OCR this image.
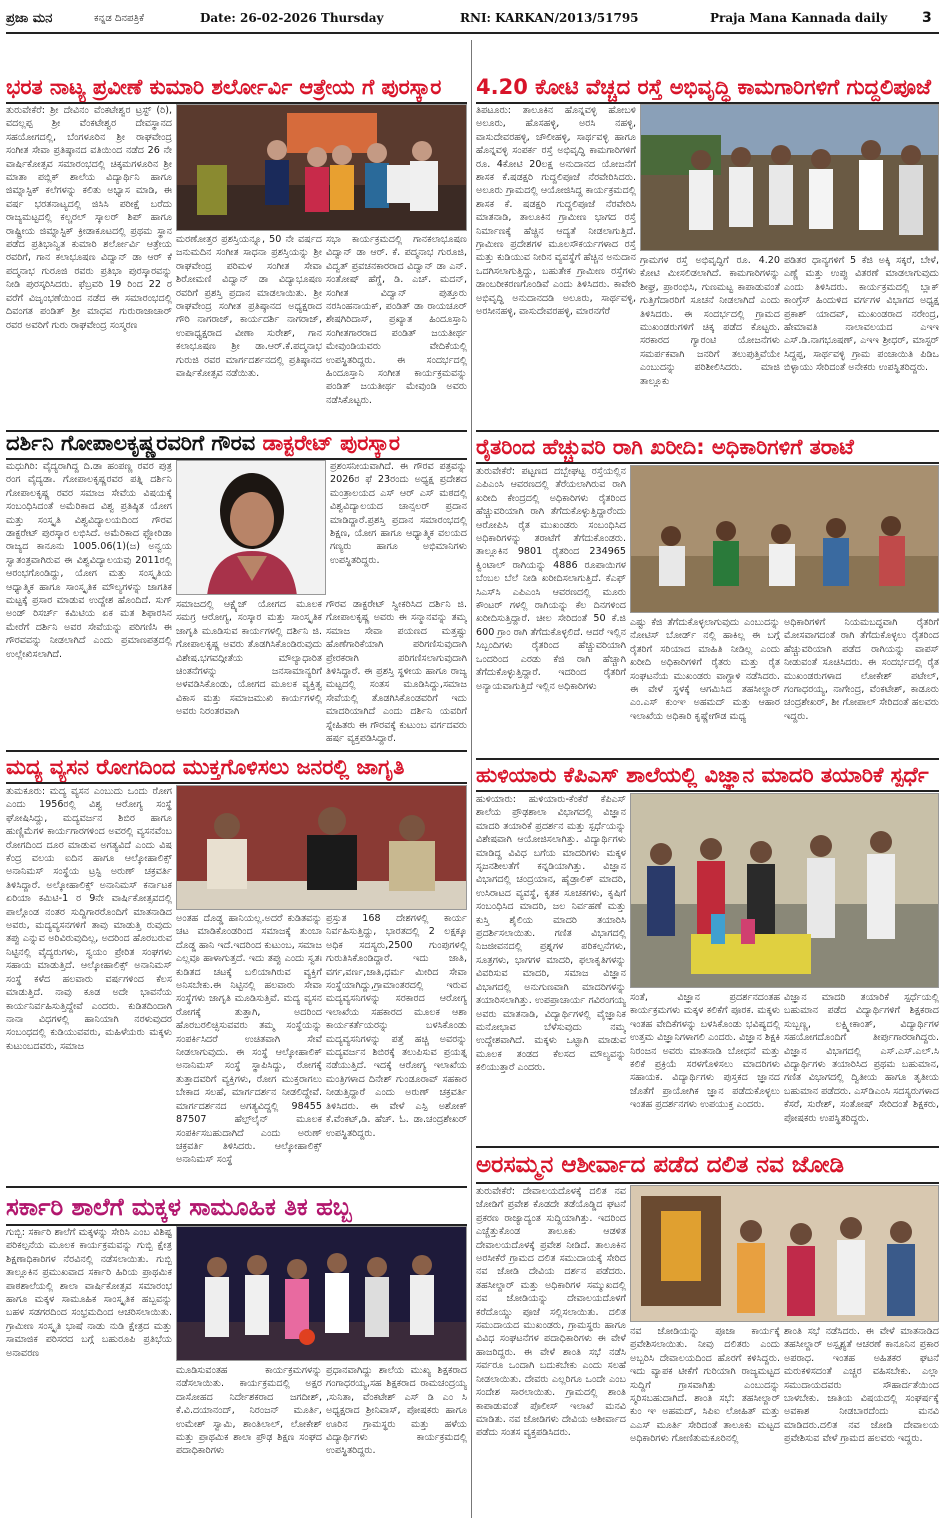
ಪ್ರಜಾ ಮನ	ಕನ್ನಡ ದಿನಪತ್ರಿಕೆ	Date: 26-02-2026 Thursday	RNI: KARKAN/2013/51795	Praja Mana Kannada daily	3
ಭರತ ನಾಟ್ಯ ಪ್ರವೀಣೆ ಕುಮಾರಿ ಶರ್ಲೋರ್ವಿ ಆತ್ರೇಯ ಗೆ ಪುರಸ್ಕಾರ
ತುರುವೇಕೆರೆ: ಶ್ರೀ ದೇವಿನಂ ವೆಂಕಟೇಶ್ವರ ಟ್ರಸ್ಟ್ (ರಿ), ವದಲ್ಲಪ್ಪ ಶ್ರೀ ವೆಂಕಟೇಶ್ವರ ದೇವಸ್ಥಾನದ ಸಹಯೋಗದಲ್ಲಿ, ಬೆಂಗಳೂರಿನ ಶ್ರೀ ರಾಘವೇಂದ್ರ ಸಂಗೀತ ಸೇವಾ ಪ್ರತಿಷ್ಠಾನದ ವತಿಯಿಂದ ನಡೆದ 26 ನೇ ವಾರ್ಷಿಕೋತ್ಸವ ಸಮಾರಂಭದಲ್ಲಿ ಚಿಕ್ಕಮಗಳೂರಿನ ಶ್ರೀ ಮಾತಾ ಪಬ್ಲಿಕ್ ಶಾಲೆಯ ವಿದ್ಯಾರ್ಥಿನಿ ಹಾಗೂ ಜಿಮ್ನಾಸ್ಟಿಕ್ ಕಲೆಗಳನ್ನು ಕಲಿತು ಅಭ್ಯಾಸ ಮಾಡಿ, ಈ ವರ್ಷ ಭರತನಾಟ್ಯದಲ್ಲಿ ಜಿಸಿಸಿ ಪರೀಕ್ಷೆ ಬರೆದು ರಾಜ್ಯಮಟ್ಟದಲ್ಲಿ ಕಲ್ಚರಲ್ ಸ್ಕಾಲರ್ ಶಿಪ್ ಹಾಗೂ ರಾಷ್ಟ್ರೀಯ ಜಿಮ್ನಾಸ್ಟಿಕ್ ಕ್ರೀಡಾಕೂಟದಲ್ಲಿ ಪ್ರಥಮ ಸ್ಥಾನ ಪಡೆದ ಪ್ರತಿಭಾನ್ವಿತ ಕುಮಾರಿ ಶರ್ಲೋರ್ವಿ ಆತ್ರೇಯ ರವರಿಗೆ, ಗಾನ ಕಲಾಭೂಷಣ ವಿದ್ವಾನ್ ಡಾ ಆರ್ ಕೆ ಪದ್ಮನಾಭ ಗುರೂಜಿ ರವರು ಪ್ರತಿಭಾ ಪುರಸ್ಕಾರವನ್ನು ನೀಡಿ ಪುರಸ್ಕರಿಸಿದರು. ಫೆಬ್ರವರಿ 19 ರಿಂದ 22 ರ ವರೆಗೆ ವಿಜೃಂಭಣೆಯಿಂದ ನಡೆದ ಈ ಸಮಾರಂಭದಲ್ಲಿ ದಿವಂಗತ ಪಂಡಿತ್ ಶ್ರೀ ಮಾಧವ ಗುರುರಾಜಾಚಾರ್ ರವರ ಅವರಿಗೆ ಗುರು ರಾಘವೇಂದ್ರ ಸಂಸ್ಮರಣ
ಮರಣೋತ್ತರ ಪ್ರಶಸ್ತಿಯನ್ನೂ, 50 ನೇ ವರ್ಷದ ಜನುಮದಿನ ಸಂಗೀತ ಸಾಧನಾ ಪ್ರಶಸ್ತಿಯನ್ನು ಶ್ರೀ ರಾಘವೇಂದ್ರ ಪರಿಮಳ ಸಂಗೀತ ಸೇವಾ ಶಿರೋಮಣಿ ವಿದ್ವಾನ್ ಡಾ ವಿದ್ಯಾಭೂಷಣ ರವರಿಗೆ ಪ್ರಶಸ್ತಿ ಪ್ರದಾನ ಮಾಡಲಾಯಿತು. ಶ್ರೀ ರಾಘವೇಂದ್ರ ಸಂಗೀತ ಪ್ರತಿಷ್ಠಾನದ ಅಧ್ಯಕ್ಷರಾದ ಗೌರಿ ನಾಗರಾಜ್, ಕಾರ್ಯದರ್ಶಿ ನಾಗರಾಜ್, ಉಪಾಧ್ಯಕ್ಷರಾದ ವೀಣಾ ಸುರೇಶ್, ಗಾನ ಕಲಾಭೂಷಣ ಶ್ರೀ ಡಾ.ಆರ್.ಕೆ.ಪದ್ಮನಾಭ ಗುರುಜಿ ರವರ ಮಾರ್ಗದರ್ಶನದಲ್ಲಿ ಪ್ರತಿಷ್ಠಾನದ ವಾರ್ಷಿಕೋತ್ಸವ ನಡೆಯಿತು.
ಸಭಾ ಕಾರ್ಯಕ್ರಮದಲ್ಲಿ ಗಾನಕಲಾಭೂಷಣ ವಿದ್ವಾನ್ ಡಾ ಆರ್. ಕೆ. ಪದ್ಮನಾಭ ಗುರೂಜಿ, ವಿದ್ವತ್ ಪ್ರವಚನಕಾರರಾದ ವಿದ್ವಾನ್ ಡಾ ಎನ್. ಸಂತೋಷ್ ಹೆಗ್ಡೆ, ಡಿ. ಎಚ್. ಮದನ್, ಸಂಗೀತ ವಿದ್ವಾನ್ ಪುತ್ತೂರು ನರಸಿಂಹನಾಯಕ್, ಪಂಡಿತ್ ಡಾ ರಾಯಚೂರ್ ಶೇಷಗಿರಿದಾಸ್, ಪ್ರಖ್ಯಾತ ಹಿಂದೂಸ್ತಾನಿ ಸಂಗೀತಗಾರರಾದ ಪಂಡಿತ್ ಜಯತೀರ್ಥ ಮೇವುಂಡಿಯವರು ವೇದಿಕೆಯಲ್ಲಿ ಉಪಸ್ಥಿತರಿದ್ದರು. ಈ ಸಂದರ್ಭದಲ್ಲಿ ಹಿಂದೂಸ್ತಾನಿ ಸಂಗೀತ ಕಾರ್ಯಕ್ರಮವನ್ನು ಪಂಡಿತ್ ಜಯತೀರ್ಥ ಮೇವುಂಡಿ ಅವರು ನಡೆಸಿಕೊಟ್ಟರು.
ದರ್ಶಿನಿ ಗೋಪಾಲಕೃಷ್ಣರವರಿಗೆ ಗೌರವ ಡಾಕ್ಟರೇಟ್ ಪುರಸ್ಕಾರ
ಮಧುಗಿರಿ: ವೈದ್ಯರಾಗಿದ್ದ ದಿ.ಡಾ ಹಂಪಣ್ಣ ರವರ ಪುತ್ರ ರಂಗ ವೈದ್ಯಡಾ. ಗೋಪಾಲಕೃಷ್ಣರವರ ಪತ್ನಿ ದರ್ಶಿನಿ ಗೋಪಾಲಕೃಷ್ಣ ರವರ ಸಮಾಜ ಸೇವೆಯ ವಿಷಯಕ್ಕೆ ಸಂಬಂಧಿಸಿದಂತೆ ಅಮೆರಿಕಾದ ವಿಶ್ವ ಪ್ರತಿಷ್ಠಿತ ಯೋಗ ಮತ್ತು ಸಂಸ್ಕೃತಿ ವಿಶ್ವವಿದ್ಯಾಲಯದಿಂದ ಗೌರವ ಡಾಕ್ಟರೇಟ್ ಪುರಸ್ಕಾರ ಲಭಿಸಿದೆ. ಅಮೆರಿಕಾದ ಫ್ಲೋರಿಡಾ ರಾಜ್ಯದ ಕಾನೂನು 1005.06(1)(ಜ) ಅನ್ವಯ ಸ್ವಾತಂತ್ರವಾಗಿರುವ ಈ ವಿಶ್ವವಿದ್ಯಾಲಯವು 2011ರಲ್ಲಿ ಆರಂಭಗೊಂಡಿದ್ದು, ಯೋಗ ಮತ್ತು ಸಂಸ್ಕೃತಿಯ ಆಧ್ಯಾತ್ಮಿಕ ಹಾಗೂ ಸಾಂಸ್ಕೃತಿಕ ಮೌಲ್ಯಗಳನ್ನು ಜಾಗತಿಕ ಮಟ್ಟಕ್ಕೆ ಪ್ರಸಾರ ಮಾಡುವ ಉದ್ದೇಶ ಹೊಂದಿದೆ. ಸುಗ್ ಅಂಡ್ ರಿಸರ್ಚ್ ಕಮಿಟಿಯ ಏಕ ಮತ ಶಿಫಾರಸಿನ ಮೇರೆಗೆ ದರ್ಶಿನಿ ಅವರ ಸೇವೆಯನ್ನು ಪರಿಗಣಿಸಿ ಈ ಗೌರವವನ್ನು ನೀಡಲಾಗಿದೆ ಎಂದು ಪ್ರಮಾಣಪತ್ರದಲ್ಲಿ ಉಲ್ಲೇಖಿಸಲಾಗಿದೆ.
ಸಮಾಜದಲ್ಲಿ ಆಕ್ಷ್ಯೆಜ್ ಯೋಗದ ಮೂಲಕ ಸಮಗ್ರ ಆರೋಗ್ಯ, ಸಂಸ್ಕಾರ ಮತ್ತು ಸಾಂಸ್ಕೃತಿಕ ಜಾಗೃತಿ ಮೂಡಿಸುವ ಕಾರ್ಯಗಳಲ್ಲಿ ದರ್ಶಿನಿ ಜಿ. ಗೋಪಾಲಕೃಷ್ಣ ಅವರು ತೊಡಗಿಸಿಕೊಂಡಿರುವುದು ವಿಶೇಷ.ಭಗವದ್ಗೀತೆಯ ಮೌಲ್ಯಾಧಾರಿತ ಚಿಂತನೆಗಳನ್ನು ಜನಸಾಮಾನ್ಯರಿಗೆ ಅಳವಡಿಸಿಕೊಂಡು, ಯೋಗದ ಮೂಲಕ ವ್ಯಕ್ತಿತ್ವ ವಿಕಾಸ ಮತ್ತು ಸಮಾಜಮುಖಿ ಕಾರ್ಯಗಳಲ್ಲಿ ಅವರು ನಿರಂತರವಾಗಿ
ಪ್ರಶಂಸನೀಯವಾಗಿದೆ. ಈ ಗೌರವ ಪತ್ರವನ್ನು 2026ರ ಫೆ 23ರಂದು ಅಧ್ಯಕ್ಷ ಪ್ರದೇಶದ ಮಂತ್ರಾಲಯದ ಎಸ್ ಆರ್ ಎಸ್ ಮಠದಲ್ಲಿ ವಿಶ್ವವಿದ್ಯಾಲಯದ ಚಾನ್ಸಲರ್ ಪ್ರದಾನ ಮಾಡಿದ್ದಾರೆ.ಪ್ರಶಸ್ತಿ ಪ್ರದಾನ ಸಮಾರಂಭದಲ್ಲಿ ಶಿಕ್ಷಣ, ಯೋಗ ಹಾಗೂ ಆಧ್ಯಾತ್ಮಿಕ ವಲಯದ ಗಣ್ಯರು ಹಾಗೂ ಅಭಿಮಾನಿಗಳು ಉಪಸ್ಥಿತರಿದ್ದರು.
ಗೌರವ ಡಾಕ್ಟರೇಟ್ ಸ್ವೀಕರಿಸಿದ ದರ್ಶಿನಿ ಜಿ. ಗೋಪಾಲಕೃಷ್ಣ ಅವರು ಈ ಸನ್ಮಾನವನ್ನು ತಮ್ಮ ಸಮಾಜ ಸೇವಾ ಪಯಣದ ಮತ್ತಷ್ಟು ಹೊಣೆಗಾರಿಕೆಯಾಗಿ ಪರಿಗಣಿಸುವುದಾಗಿ ಪ್ರೇರಕರಾಗಿ ಪರಿಗಣಿಸಲಾಗುವುದಾಗಿ ತಿಳಿಸಿದ್ದಾರೆ. ಈ ಪ್ರಶಸ್ತಿ ಸ್ಥಳೀಯ ಹಾಗೂ ರಾಜ್ಯ ಮಟ್ಟದಲ್ಲಿ ಸಂತಸ ಮೂಡಿಸಿದ್ದು,ಸಮಾಜ ಸೇವೆಯಲ್ಲಿ ತೊಡಗಿಸಿಕೊಂಡವರಿಗೆ ಇದು ಮಾದರಿಯಾಗಿದೆ ಎಂದು ದರ್ಶಿನಿ ಯವರಿಗೆ ಸ್ನೇಹಿತರು ಈ ಗೌರವಕ್ಕೆ ಕುಟುಂಬ ವರ್ಗದವರು ಹರ್ಷ ವ್ಯಕ್ತಪಡಿಸಿದ್ದಾರೆ.
ಮದ್ಯ ವ್ಯಸನ ರೋಗದಿಂದ ಮುಕ್ತಗೊಳಿಸಲು ಜನರಲ್ಲಿ ಜಾಗೃತಿ
ತುಮಕೂರು: ಮದ್ಯ ವ್ಯಸನ ಎಂಬುದು ಒಂದು ರೋಗ ಎಂದು 1956ರಲ್ಲಿ ವಿಶ್ವ ಆರೋಗ್ಯ ಸಂಸ್ಥೆ ಘೋಷಿಸಿದ್ದು, ಮದ್ಯವರ್ಜನ ಶಿಬಿರ ಹಾಗೂ ಹುಣ್ಣಿಮೆಗಳ ಕಾರ್ಯಗಾರಗಳಿಂದ ಅವರಲ್ಲಿ ವ್ಯಸನವೆಂಬ ರೋಗದಿಂದ ದೂರ ಮಾಡುವ ಅಗತ್ಯವಿದೆ ಎಂದು ವಿಷ ಕೆಂದ್ರ ವಲಯ ಐದಿನ ಹಾಗೂ ಆಲ್ಕೋಹಾಲಿಕ್ಸ್ ಅನಾನಿಮಸ್ ಸಂಸ್ಥೆಯ ಟ್ರಸ್ಟಿ ಅರುಣ್ ಚಕ್ರವರ್ತಿ ತಿಳಿಸಿದ್ದಾರೆ. ಅಲ್ಕೋಹಾಲಿಕ್ಸ್ ಅನಾನಿಮಸ್ ಕರ್ನಾಟಕ ಏರಿಯಾ ಕಮಿಟಿ-1 ರ 9ನೇ ವಾರ್ಷಿಕೋತ್ಸವದಲ್ಲಿ ಪಾಲ್ಗೊಂಡ ನಂತರ ಸುದ್ದಿಗಾರರೊಂದಿಗೆ ಮಾತನಾಡಿದ ಅವರು, ಮದ್ಯವ್ಯಸನಗಳಿಗೆ ತಾವು ಮಾಡುತ್ತಿ ರುವುದು ತಪ್ಪು ಎನ್ನುವ ಅರಿವಿರುವುದಿಲ್ಲ, ಅದರಿಂದ ಹೊರಬರುವ ನಿಟ್ಟಿನಲ್ಲಿ ವೈದ್ಯರುಗಳು, ಸ್ವಯಂ ಪ್ರೇರಿತ ಸಂಘಗಳು ಸಹಾಯ ಮಾಡುತ್ತಿದೆ. ಆಲ್ಕೋಹಾಲಿಕ್ಸ್ ಅನಾನಿಮಸ್ ಸಂಸ್ಥೆ ಕಳೆದ ಹಲವಾರು ವರ್ಷಗಳಿಂದ ಕೆಲಸ ಮಾಡುತ್ತಿದೆ. ನಾವು ಕೂಡ ಅದೇ ಭಾವನೆಯ ಕಾರ್ಯನಿರ್ವಹಿಸುತ್ತಿದ್ದೇವೆ ಎಂದರು. ಕುಡಿತದಿಂದಾಗಿ ನಾನಾ ವಿಧಗಳಲ್ಲಿ ಹಾನಿಯಾಗಿ ನರಳುವುದರ ಸಂಬಂಧದಲ್ಲಿ ಕುಡಿಯುವವರು, ಮಹಿಳೆಯರು ಮಕ್ಕಳು ಕುಟುಂಬದವರು, ಸಮಾಜ
ಅಂತಹ ದೊಡ್ಡ ಹಾನಿಯಲ್ಲ.ಅದರೆ ಕುಡಿತವನ್ನು ಚಟ ಮಾಡಿಕೊಂಡರಿಂದ ಸಮಾಜಕ್ಕೆ ತುಂಬಾ ದೊಡ್ಡ ಹಾನಿ ಇದೆ.ಇದರಿಂದ ಕುಟುಂಬ, ಸಮಾಜ ಎಲ್ಲವೂ ಹಾಳಾಗುತ್ತದೆ. ಇದು ತಪ್ಪು ಎಂದು ಸ್ವತಃ ಕುಡಿತದ ಚಟಕ್ಕೆ ಬಲಿಯಾಗಿರುವ ವ್ಯಕ್ತಿಗೆ ಅನಿಸಬೇಕು.ಈ ನಿಟ್ಟಿನಲ್ಲಿ ಹಲವಾರು ಸೇವಾ ಸಂಸ್ಥೆಗಳು ಜಾಗೃತಿ ಮೂಡಿಸುತ್ತಿವೆ. ಮದ್ಯ ವ್ಯಸನ ರೋಗಕ್ಕೆ ತುತ್ತಾಗಿ, ಅದರಿಂದ ಹೊರಬರಲಿಚ್ಛಿಸುವವರು ತಮ್ಮ ಸಂಸ್ಥೆಯನ್ನು ಸಂಪರ್ಕಿಸಿದರೆ ಉಚಿತವಾಗಿ ಸೇವೆ ನೀಡಲಾಗುವುದು. ಈ ಸಂಸ್ಥೆ ಆಲ್ಕೋಹಾಲಿಕ್ ಅನಾನಿಮಸ್ ಸಂಸ್ಥೆ ಸ್ಥಾಪಿಸಿದ್ದು, ರೋಗಕ್ಕೆ ತುತ್ತಾದವರಿಗೆ ವ್ಯಕ್ತಿಗಳು, ರೋಗ ಮುಕ್ತರಾಗಲು ಬೇಕಾದ ಸಲಹೆ, ಮಾರ್ಗದರ್ಶನ ನೀಡಲಿದ್ದೇವೆ. ಮಾರ್ಗದರ್ಶನದ ಅಗತ್ಯವಿದ್ದಲ್ಲಿ 98455 87507 ಹೆಲ್ಪ್‌ಲೈನ್ ಮೂಲಕ ಸಂಪರ್ಕಿಸಬಹುದಾಗಿದೆ ಎಂದು ಅರುಣ್ ಚಕ್ರವರ್ತಿ ತಿಳಿಸಿದರು. ಆಲ್ಕೋಹಾಲಿಕ್ಸ್ ಅನಾನಿಮಸ್ ಸಂಸ್ಥೆ
ಪ್ರಸ್ತುತ 168 ದೇಶಗಳಲ್ಲಿ ಕಾರ್ಯ ನಿರ್ವಹಿಸುತ್ತಿದ್ದು, ಭಾರತದಲ್ಲಿ 2 ಲಕ್ಷಕ್ಕೂ ಅಧಿಕ ಸದಸ್ಯರು,2500 ಗುಂಪುಗಳಲ್ಲಿ ಗುರುತಿಸಿಕೊಂಡಿದ್ದಾರೆ. ಇದು ಜಾತಿ, ವರ್ಗ,ವರ್ಣ,ಜಾತಿ,ಧರ್ಮ ಮೀರಿದ ಸೇವಾ ಸಂಸ್ಥೆಯಾಗಿದ್ದು,ಗ್ರಾಮಾಂತರದಲ್ಲಿ ಇರುವ ಮದ್ಯವ್ಯಸನಿಗಳನ್ನು ಸರಕಾರದ ಆರೋಗ್ಯ ಇಲಾಖೆಯ ಸಹಕಾರದ ಮೂಲಕ ಆಶಾ ಕಾರ್ಯಕರ್ತೆಯರನ್ನು ಬಳಸಿಕೊಂಡು ಮದ್ಯವ್ಯಸನಿಗಳನ್ನು ಪತ್ತೆ ಹಚ್ಚಿ ಅವರನ್ನು ಮದ್ಯವರ್ಜನ ಶಿಬಿರಕ್ಕೆ ತಲುಪಿಸುವ ಪ್ರಯತ್ನ ನಡೆಯುತ್ತಿದೆ. ಇದಕ್ಕೆ ಆರೋಗ್ಯ ಇಲಾಖೆಯ ಮಂತ್ರಿಗಳಾದ ದಿನೇಶ್ ಗುಂಡೂರಾವ್ ಸಹಕಾರ ನೀಡುತ್ತಿದ್ದಾರೆ ಎಂದು ಅರುಣ್ ಚಕ್ರವರ್ತಿ ತಿಳಿಸಿದರು. ಈ ವೇಳೆ ಎಸ್ಪಿ ಅಶೋಕ್ ಕೆ.ವೆಂಕಟ್,ಡಿ. ಹೆಚ್. ಓ. ಡಾ.ಚಂದ್ರಶೇಖರ್ ಉಪಸ್ಥಿತರಿದ್ದರು.
ಸರ್ಕಾರಿ ಶಾಲೆಗೆ ಮಕ್ಕಳ ಸಾಮೂಹಿಕ ತಿಕ ಹಬ್ಬ
ಗುಬ್ಬಿ: ಸರ್ಕಾರಿ ಶಾಲೆಗೆ ಮಕ್ಕಳನ್ನು ಸೇರಿಸಿ ಎಂಬ ವಿಶಿಷ್ಟ ಪರಿಕಲ್ಪನೆಯ ಮೂಲಕ ಕಾರ್ಯಕ್ರಮವನ್ನು ಗುಬ್ಬಿ ಕ್ಷೇತ್ರ ಶಿಕ್ಷಣಾಧಿಕಾರಿಗಳ ನೆರವಿನಲ್ಲಿ ನಡೆಸಲಾಯಿತು. ಗುಬ್ಬಿ ತಾಲ್ಲೂಕಿನ ಪ್ರಮುಖವಾದ ಸರ್ಕಾರಿ ಹಿರಿಯ ಪ್ರಾಥಮಿಕ ಪಾಠಶಾಲೆಯಲ್ಲಿ ಶಾಲಾ ವಾರ್ಷಿಕೋತ್ಸವ ಸಮಾರಂಭ ಹಾಗೂ ಮಕ್ಕಳ ಸಾಮೂಹಿಕ ಸಾಂಸ್ಕೃತಿಕ ಹಬ್ಬವನ್ನು ಬಹಳ ಸಡಗರದಿಂದ ಸಂಭ್ರಮದಿಂದ ಆಚರಿಸಲಾಯಿತು. ಗ್ರಾಮೀಣ ಸಂಸ್ಕೃತಿ ಭಾಷೆ ನಾಡು ನುಡಿ ಕ್ಷೇತ್ರದ ಮತ್ತು ಸಾಮಾಜಿಕ ಪರಿಸರದ ಬಗ್ಗೆ ಬಹುರೂಪಿ ಪ್ರತಿಭೆಯ ಅನಾವರಣ
ಮೂಡಿಸುವಂತಹ ಕಾರ್ಯಕ್ರಮಗಳನ್ನು ನಡೆಸಲಾಯಿತು. ಕಾರ್ಯಕ್ರಮದಲ್ಲಿ ಅಕ್ಷರ ದಾಸೋಹದ ನಿರ್ದೇಶಕರಾದ ಜಗದೀಶ್, ಕೆ.ವಿ.ದಯಾನಂದ್, ನಿರಂಜನ್ ಮೂರ್ತಿ, ಉಮೇಶ್ ಸ್ವಾಮಿ, ಶಾಂತಿಲಾಲ್, ಲೋಕೇಶ್ ಮತ್ತು ಪ್ರಾಥಮಿಕ ಶಾಲಾ ಪ್ರೌಢ ಶಿಕ್ಷಣ ಸಂಘದ ಪದಾಧಿಕಾರಿಗಳು
ಪ್ರಧಾನವಾಗಿದ್ದು ಶಾಲೆಯ ಮುಖ್ಯ ಶಿಕ್ಷಕರಾದ ಗಂಗಾಧರಯ್ಯ,ಸಹ ಶಿಕ್ಷಕರಾದ ರಾಮಚಂದ್ರಯ್ಯ ,ಸುನಿತಾ, ವೆಂಕಟೇಶ್ ಎಸ್ ಡಿ ಎಂ ಸಿ ಅಧ್ಯಕ್ಷರಾದ ಶ್ರೀನಿವಾಸ್, ಪೋಷಕರು ಹಾಗೂ ಊರಿನ ಗ್ರಾಮಸ್ಥರು ಮತ್ತು ಹಳೆಯ ವಿದ್ಯಾರ್ಥಿಗಳು ಕಾರ್ಯಕ್ರಮದಲ್ಲಿ ಉಪಸ್ಥಿತರಿದ್ದರು.
4.20 ಕೋಟಿ ವೆಚ್ಚದ ರಸ್ತೆ ಅಭಿವೃದ್ಧಿ ಕಾಮಗಾರಿಗಳಿಗೆ ಗುದ್ದಲಿಪೂಜೆ
ತಿಪಟೂರು: ತಾಲೂಕಿನ ಹೊನ್ನವಳ್ಳಿ ಹೋಬಳಿ ಅಲೂರು, ಹೊಸಹಳ್ಳಿ, ಅರಸಿ ನಹಳ್ಳಿ, ವಾಸುದೇವರಹಳ್ಳಿ, ಚೌಲೀಹಳ್ಳಿ, ಸಾರ್ಥವಳ್ಳಿ ಹಾಗೂ ಹೊನ್ನವಳ್ಳಿ ಸಂಪರ್ಕ ರಸ್ತೆ ಅಭಿವೃದ್ಧಿ ಕಾಮಗಾರಿಗಳಿಗೆ ರೂ. 4ಕೋಟಿ 20ಲಕ್ಷ ಅನುದಾನದ ಯೋಜನೆಗೆ ಶಾಸಕ ಕೆ.ಷಡಕ್ಷರಿ ಗುದ್ದಲಿಪೂಜೆ ನೆರವೇರಿಸಿದರು. ಅಲೂರು ಗ್ರಾಮದಲ್ಲಿ ಆಯೋಜಿಸಿದ್ದ ಕಾರ್ಯಕ್ರಮದಲ್ಲಿ ಶಾಸಕ ಕೆ. ಷಡಕ್ಷರಿ ಗುದ್ದಲಿಪೂಜೆ ನೆರವೇರಿಸಿ ಮಾತನಾಡಿ, ತಾಲೂಕಿನ ಗ್ರಾಮೀಣ ಭಾಗದ ರಸ್ತೆ ನಿರ್ಮಾಣಕ್ಕೆ ಹೆಚ್ಚಿನ ಆದ್ಯತೆ ನೀಡಲಾಗುತ್ತಿದೆ. ಗ್ರಾಮೀಣ ಪ್ರದೇಶಗಳ ಮೂಲಸೌಕರ್ಯಗಳಾದ ರಸ್ತೆ ಮತ್ತು ಕುಡಿಯುವ ನೀರಿನ ವ್ಯವಸ್ಥೆಗೆ ಹೆಚ್ಚಿನ ಅನುದಾನ ಒದಗಿಸಲಾಗುತ್ತಿದ್ದು, ಬಹುತೇಕ ಗ್ರಾಮೀಣ ರಸ್ತೆಗಳು ಡಾಂಬರೀಕರಣಗೊಂಡಿವೆ ಎಂದು ತಿಳಿಸಿದರು. ಕಾವೇರಿ ಅಭಿವೃದ್ಧಿ ಅನುದಾನದಡಿ ಅಲೂರು, ಸಾರ್ಥವಳ್ಳಿ, ಅರಸೀನಹಳ್ಳಿ, ವಾಸುದೇವರಹಳ್ಳಿ, ಮಾರನಗೆರೆ
ಗ್ರಾಮಗಳ ರಸ್ತೆ ಅಭಿವೃದ್ಧಿಗೆ ರೂ. 4.20 ಕೋಟಿ ಮೀಸಲಿಡಲಾಗಿದೆ. ಕಾಮಗಾರಿಗಳನ್ನು ಶೀಘ್ರ, ಪ್ರಾರಂಭಿಸಿ, ಗುಣಮಟ್ಟ ಕಾಪಾಡುವಂತೆ ಗುತ್ತಿಗೆದಾರರಿಗೆ ಸೂಚನೆ ನೀಡಲಾಗಿದೆ ಎಂದು ತಿಳಿಸಿದರು. ಈ ಸಂದರ್ಭದಲ್ಲಿ ಗ್ರಾಮದ ಮುಖಂಡರುಗಳಿಗೆ ಚಿಕ್ಕ ಪಡೆದ ಕೊಟ್ಟರು. ಸರಕಾರದ ಗ್ಯಾರಂಟಿ ಯೋಜನೆಗಳು ಸಮರ್ಪಕವಾಗಿ ಜನರಿಗೆ ತಲುಪುತ್ತಿವೆಯೇ ಎಂಬುದನ್ನು ಪರಿಶೀಲಿಸಿದರು. ಮಾಜಿ ತಾಲ್ಲೂಕು
ಪಡಿತರ ಧಾನ್ಯಗಳಿಗೆ 5 ಕೆಜಿ ಅಕ್ಕಿ ಸಕ್ಕರೆ, ಬೇಳೆ, ಎಣ್ಣೆ ಮತ್ತು ಉಪ್ಪು ವಿತರಣೆ ಮಾಡಲಾಗುವುದು ಎಂದು ತಿಳಿಸಿದರು. ಕಾರ್ಯಕ್ರಮದಲ್ಲಿ ಬ್ಲಾಕ್ ಕಾಂಗ್ರೆಸ್ ಹಿಂದುಳಿದ ವರ್ಗಗಳ ವಿಭಾಗದ ಅಧ್ಯಕ್ಷ ಪ್ರಕಾಶ್ ಯಾದವ್, ಮುಖಂಡರಾದ ನರೇಂದ್ರ, ಹೇಮಾವತಿ ನಾಲಾವಲಯದ ಎಇಇ ಎಸ್.ಡಿ.ನಾಗಭೂಷಣ್, ಎಇಇ ಶ್ರೀಧರ್, ಮಾಸ್ಟರ್ ಸಿದ್ದಪ್ಪ, ಸಾರ್ಥವಳ್ಳಿ ಗ್ರಾಮ ಪಂಚಾಯಿತಿ ಪಿಡಿಒ ಬಿಳ್ಳಾಯು ಸೇರಿದಂತೆ ಅನೇಕರು ಉಪಸ್ಥಿತರಿದ್ದರು.
ರೈತರಿಂದ ಹೆಚ್ಚುವರಿ ರಾಗಿ ಖರೀದಿ: ಅಧಿಕಾರಿಗಳಿಗೆ ತರಾಟೆ
ತುರುವೇಕೆರೆ: ಪಟ್ಟಣದ ದಬ್ಬೇಘಟ್ಟ ರಸ್ತೆಯಲ್ಲಿನ ಎಪಿಎಂಸಿ ಆವರಣದಲ್ಲಿ ತೆರೆಯಲಾಗಿರುವ ರಾಗಿ ಖರೀದಿ ಕೇಂದ್ರದಲ್ಲಿ ಅಧಿಕಾರಿಗಳು ರೈತರಿಂದ ಹೆಚ್ಚುವರಿಯಾಗಿ ರಾಗಿ ತೆಗೆದುಕೊಳ್ಳುತ್ತಿದ್ದಾರೆಂದು ಆರೋಪಿಸಿ ರೈತ ಮುಖಂಡರು ಸಂಬಂಧಿಸಿದ ಅಧಿಕಾರಿಗಳನ್ನು ತರಾಟೆಗೆ ತೆಗೆದುಕೊಂಡರು. ತಾಲ್ಲೂಕಿನ 9801 ರೈತರಿಂದ 234965 ಕ್ವಿಂಟಾಲ್ ರಾಗಿಯನ್ನು 4886 ರೂಪಾಯಿಗಳ ಬೆಂಬಲ ಬೆಲೆ ನೀಡಿ ಖರೀದಿಸಲಾಗುತ್ತಿದೆ. ಕೆಎಫ್ ಸಿಎಸ್‌ಸಿ ಎಪಿಎಂಸಿ ಆವರಣದಲ್ಲಿ ಮೂರು ಕೌಂಟರ್ ಗಳಲ್ಲಿ ರಾಗಿಯನ್ನು ಕೆಲ ದಿನಗಳಿಂದ ಖರೀದಿಸುತ್ತಿದ್ದಾರೆ. ಚೀಲ ಸೇರಿದಂತೆ 50 ಕೆ.ಜಿ 600 ಗ್ರಾಂ ರಾಗಿ ತೆಗೆದುಕೊಳ್ಳಲಿದೆ. ಆದರೆ ಇಲ್ಲಿನ ಸಿಬ್ಬಂದಿಗಳು ರೈತರಿಂದ ಹೆಚ್ಚುವರಿಯಾಗಿ ಒಂದರಿಂದ ಎರಡು ಕೆಜಿ ರಾಗಿ ಹೆಚ್ಚಾಗಿ ತೆಗೆದುಕೊಳ್ಳುತ್ತಿದ್ದಾರೆ. ಇದರಿಂದ ರೈತರಿಗೆ ಅನ್ಯಾಯವಾಗುತ್ತಿದೆ ಇಲ್ಲಿನ ಅಧಿಕಾರಿಗಳು
ಎಷ್ಟು ಕೆಜಿ ತೆಗೆದುಕೊಳ್ಳಲಾಗುವುದು ಎಂಬುದನ್ನು ನೋಟಿಸ್ ಬೋರ್ಡ್ ನಲ್ಲಿ ಹಾಕಿಲ್ಲ ಈ ಬಗ್ಗೆ ರೈತರಿಗೆ ಸರಿಯಾದ ಮಾಹಿತಿ ನೀಡಿಲ್ಲ ಎಂದು ಖರೀದಿ ಅಧಿಕಾರಿಗಳಿಗೆ ರೈತರು ಮತ್ತು ರೈತ ಸಂಘಟನೆಯ ಮುಖಂಡರು ವಾಗ್ದಾಳಿ ನಡೆಸಿದರು. ಈ ವೇಳೆ ಸ್ಥಳಕ್ಕೆ ಆಗಮಿಸಿದ ತಹಸೀಲ್ದಾರ್ ಎಂ.ಎಸ್ ಕುಂಞ ಅಹಮದ್ ಮತ್ತು ಆಹಾರ ಇಲಾಖೆಯ ಅಧಿಕಾರಿ ಕೃಷ್ಣೇಗೌಡ ಮಧ್ಯ
ಅಧಿಕಾರಿಗಳಿಗೆ ನಿಯಮಬದ್ಧವಾಗಿ ರೈತರಿಗೆ ಮೋಸವಾಗದಂತೆ ರಾಗಿ ತೆಗೆದುಕೊಳ್ಳಲು ರೈತರಿಂದ ಹೆಚ್ಚುವರಿಯಾಗಿ ಪಡೆದ ರಾಗಿಯನ್ನು ವಾಪಸ್ ನೀಡುವಂತೆ ಸೂಚಿಸಿದರು. ಈ ಸಂದರ್ಭದಲ್ಲಿ ರೈತ ಮುಖಂಡರುಗಳಾದ ಲೋಕೇಶ್ ಪಟೇಲ್, ಗಂಗಾಧರಯ್ಯ, ನಾಗೇಂದ್ರ, ವೆಂಕಟೇಶ್, ಕಾಡೂರು ಚಂದ್ರಶೇಖರ್, ಶೀ ಗೋಪಾಲ್ ಸೇರಿದಂತೆ ಹಲವರು ಇದ್ದರು.
ಹುಳಿಯಾರು ಕೆಪಿಎಸ್ ಶಾಲೆಯಲ್ಲಿ ವಿಜ್ಞಾನ ಮಾದರಿ ತಯಾರಿಕೆ ಸ್ಪರ್ಧೆ
ಹುಳಿಯಾರು: ಹುಳಿಯಾರು-ಕೆಂಕೆರೆ ಕೆಪಿಎಸ್ ಶಾಲೆಯ ಪ್ರೌಢಶಾಲಾ ವಿಭಾಗದಲ್ಲಿ ವಿಜ್ಞಾನ ಮಾದರಿ ತಯಾರಿಕೆ ಪ್ರದರ್ಶನ ಮತ್ತು ಸ್ಪರ್ಧೆಯನ್ನು ವಿಶೇಷವಾಗಿ ಆಯೋಜಿಸಲಾಗಿತ್ತು. ವಿದ್ಯಾರ್ಥಿಗಳು ಮಾಡಿದ್ದ ವಿವಿಧ ಬಗೆಯ ಮಾದರಿಗಳು ಮಕ್ಕಳ ಸೃಜನಶೀಲತೆಗೆ ಕನ್ನಡಿಯಾಗಿತ್ತು. ವಿಜ್ಞಾನ ವಿಭಾಗದಲ್ಲಿ ಚಂದ್ರಯಾನ, ಹೈಡ್ರಾಲಿಕ್ ಮಾದರಿ, ಉಸಿರಾಟದ ವ್ಯವಸ್ಥೆ, ಕೃತಕ ಸೂಚಕಗಳು, ಕೃಷಿಗೆ ಸಂಬಂಧಿಸಿದ ಮಾದರಿ, ಜಲ ನಿರ್ವಹಣೆ ಮತ್ತು ಕುಸ್ತಿ ಶೈಲಿಯ ಮಾದರಿ ತಯಾರಿಸಿ ಪ್ರದರ್ಶಿಸಲಾಯಿತು. ಗಣಿತ ವಿಭಾಗದಲ್ಲಿ ನಿಜಜೀವನದಲ್ಲಿ ಪ್ರಶ್ನಗಳ ಪರಿಕಲ್ಪನೆಗಳು, ಸೂತ್ರಗಳು, ಭಾಗಗಳ ಮಾದರಿ, ಫಲಾಕೃತಿಗಳನ್ನು ವಿವರಿಸುವ ಮಾದರಿ, ಸಮಾಜ ವಿಜ್ಞಾನ ವಿಭಾಗದಲ್ಲಿ ಅನುಗುಣವಾಗಿ ಮಾದರಿಗಳನ್ನು ತಯಾರಿಸಲಾಗಿತ್ತು. ಉಪಪ್ರಾಚಾರ್ಯ ಗವಿರಂಗಯ್ಯ ಅವರು ಮಾತನಾಡಿ, ವಿದ್ಯಾರ್ಥಿಗಳಲ್ಲಿ ವೈಜ್ಞಾನಿಕ ಮನೋಭಾವ ಬೆಳೆಸುವುದು ನಮ್ಮ ಉದ್ದೇಶವಾಗಿದೆ. ಮಕ್ಕಳು ಒಟ್ಟಾಗಿ ಮಾಡುವ ಮೂಲಕ ತಂಡದ ಕೆಲಸದ ಮೌಲ್ಯವನ್ನು ಕಲಿಯುತ್ತಾರೆ ಎಂದರು.
ಸಂತೆ, ವಿಜ್ಞಾನ ಪ್ರದರ್ಶನದಂತಹ ಕಾರ್ಯಕ್ರಮಗಳು ಮಕ್ಕಳ ಕಲಿಕೆಗೆ ಪೂರಕ. ಮಕ್ಕಳು ಇಂತಹ ವೇದಿಕೆಗಳನ್ನು ಬಳಸಿಕೊಂಡು ಭವಿಷ್ಯದಲ್ಲಿ ಉತ್ತಮ ವಿಜ್ಞಾನಿಗಳಾಗಲಿ ಎಂದರು. ವಿಜ್ಞಾನ ಶಿಕ್ಷಕಿ ನಿರಂಜನ ಅವರು ಮಾತನಾಡಿ ಬೋಧನೆ ಮತ್ತು ಕಲಿಕೆ ಪ್ರಕ್ರಿಯೆ ಸರಳಗೊಳಿಸಲು ಮಾದರಿಗಳು ಸಹಾಯಕ. ವಿದ್ಯಾರ್ಥಿಗಳು ಪುಸ್ತಕದ ಜ್ಞಾನದ ಜೊತೆಗೆ ಪ್ರಾಯೋಗಿಕ ಜ್ಞಾನ ಪಡೆದುಕೊಳ್ಳಲು ಇಂತಹ ಪ್ರದರ್ಶನಗಳು ಉಪಯುಕ್ತ ಎಂದರು.
ವಿಜ್ಞಾನ ಮಾದರಿ ತಯಾರಿಕೆ ಸ್ಪರ್ಧೆಯಲ್ಲಿ ಬಹುಮಾನ ಪಡೆದ ವಿದ್ಯಾರ್ಥಿಗಳಿಗೆ ಶಿಕ್ಷಕರಾದ ಸುಬ್ಬಣ್ಣ, ಲಕ್ಷ್ಮೀಕಾಂತ್, ವಿದ್ಯಾರ್ಥಿಗಳ ಸಹಯೋಗದೊಂದಿಗೆ ತೀರ್ಪುಗಾರರಾಗಿದ್ದರು. ವಿಜ್ಞಾನ ವಿಭಾಗದಲ್ಲಿ ಎಸ್.ಎಸ್.ಎಲ್.ಸಿ ವಿದ್ಯಾರ್ಥಿಗಳು ತಯಾರಿಸಿದ ಪ್ರಥಮ ಬಹುಮಾನ, ಗಣಿತ ವಿಭಾಗದಲ್ಲಿ ದ್ವಿತೀಯ ಹಾಗೂ ತೃತೀಯ ಬಹುಮಾನ ಪಡೆದರು. ಎಸ್‌ಡಿಎಂಸಿ ಸದಸ್ಯರುಗಳಾದ ಕೆಸರೆ, ಸುರೇಶ್, ಸಂತೋಷ್ ಸೇರಿದಂತೆ ಶಿಕ್ಷಕರು, ಪೋಷಕರು ಉಪಸ್ಥಿತರಿದ್ದರು.
ಅರಸಮ್ಮನ ಆಶೀರ್ವಾದ ಪಡೆದ ದಲಿತ ನವ ಜೋಡಿ
ತುರುವೇಕೆರೆ: ದೇವಾಲಯದೊಳಕ್ಕೆ ದಲಿತ ನವ ಜೋಡಿಗೆ ಪ್ರವೇಶ ಕೊಡದೇ ತಡೆಯೊಡ್ಡಿದ ಘಟನೆ ಪ್ರಕರಣ ರಾಜ್ಯಾದ್ಯಂತ ಸುದ್ದಿಯಾಗಿತ್ತು. ಇದರಿಂದ ಎಚ್ಚೆತ್ತುಕೊಂಡ ತಾಲೂಕು ಆಡಳಿತ ದೇವಾಲಯದೊಳಕ್ಕೆ ಪ್ರವೇಶ ನೀಡಿದೆ. ತಾಲೂಕಿನ ಅರಸೀಕೆರೆ ಗ್ರಾಮದ ದಲಿತ ಸಮುದಾಯಕ್ಕೆ ಸೇರಿದ ನವ ಜೋಡಿ ದೇವಿಯ ದರ್ಶನ ಪಡೆದರು. ತಹಸೀಲ್ದಾರ್ ಮತ್ತು ಅಧಿಕಾರಿಗಳ ಸಮ್ಮುಖದಲ್ಲಿ ನವ ಜೋಡಿಯನ್ನು ದೇವಾಲಯದೊಳಗೆ ಕರೆದೊಯ್ದು ಪೂಜೆ ಸಲ್ಲಿಸಲಾಯಿತು. ದಲಿತ ಸಮುದಾಯದ ಮುಖಂಡರು, ಗ್ರಾಮಸ್ಥರು ಹಾಗೂ ವಿವಿಧ ಸಂಘಟನೆಗಳ ಪದಾಧಿಕಾರಿಗಳು ಈ ವೇಳೆ ಹಾಜರಿದ್ದರು. ಈ ವೇಳೆ ಶಾಂತಿ ಸಭೆ ನಡೆಸಿ ಸರ್ವರೂ ಒಂದಾಗಿ ಬದುಕಬೇಕು ಎಂದು ಸಲಹೆ ನೀಡಲಾಯಿತು. ದೇವರು ಎಲ್ಲರಿಗೂ ಒಂದೇ ಎಂಬ ಸಂದೇಶ ಸಾರಲಾಯಿತು. ಗ್ರಾಮದಲ್ಲಿ ಶಾಂತಿ ಕಾಪಾಡುವಂತೆ ಪೊಲೀಸ್ ಇಲಾಖೆ ಮನವಿ ಮಾಡಿತು. ನವ ಜೋಡಿಗಳು ದೇವಿಯ ಆಶೀರ್ವಾದ ಪಡೆದು ಸಂತಸ ವ್ಯಕ್ತಪಡಿಸಿದರು.
ನವ ಜೋಡಿಯನ್ನು ಪೂಜಾ ಕಾರ್ಯಕ್ಕೆ ಪ್ರವೇಶಿಸಲಾಯಿತು. ನೀವು ದಲಿತರು ಎಂದು ಅಬ್ಬರಿಸಿ ದೇವಾಲಯದಿಂದ ಹೊರಗೆ ಕಳಿಸಿದ್ದರು. ಇದು ವ್ಯಾಪಕ ಟೀಕೆಗೆ ಗುರಿಯಾಗಿ ರಾಜ್ಯಮಟ್ಟದ ಸುದ್ದಿಗೆ ಗ್ರಾಸವಾಗಿತ್ತು ಎಂಬುದನ್ನು ಸ್ಮರಿಸಬಹುದಾಗಿದೆ. ಶಾಂತಿ ಸಭೆ: ತಹಸೀಲ್ದಾರ್ ಕುಂ ಞ ಅಹಮದ್, ಸಿಪಿಐ ಲೋಹಿತ್ ಮತ್ತು ಎಎಸ್ ಮೂರ್ತಿ ಸೇರಿದಂತೆ ತಾಲೂಕು ಮಟ್ಟದ ಅಧಿಕಾರಿಗಳು ಗೋಣಿತುಮಕೂರಿನಲ್ಲಿ
ಶಾಂತಿ ಸಭೆ ನಡೆಸಿದರು. ಈ ವೇಳೆ ಮಾತನಾಡಿದ ತಹಸೀಲ್ದಾರ್ ಅಸ್ಪೃಶ್ಯತೆ ಆಚರಣೆ ಕಾನೂನಿನ ಪ್ರಕಾರ ಅಪರಾಧ. ಇಂತಹ ಅಹಿತಕರ ಘಟನೆ ಮರುಕಳಿಸದಂತೆ ಎಚ್ಚರ ವಹಿಸಬೇಕು. ಎಲ್ಲಾ ಸಮುದಾಯದವರು ಸೌಹಾರ್ದತೆಯಿಂದ ಬಾಳಬೇಕು. ಜಾತಿಯ ವಿಷಯದಲ್ಲಿ ಸಂಘರ್ಷಕ್ಕೆ ಅವಕಾಶ ನೀಡಬಾರದೆಂದು ಮನವಿ ಮಾಡಿದರು.ದಲಿತ ನವ ಜೋಡಿ ದೇವಾಲಯ ಪ್ರವೇಶಿಸುವ ವೇಳೆ ಗ್ರಾಮದ ಹಲವರು ಇದ್ದರು.
